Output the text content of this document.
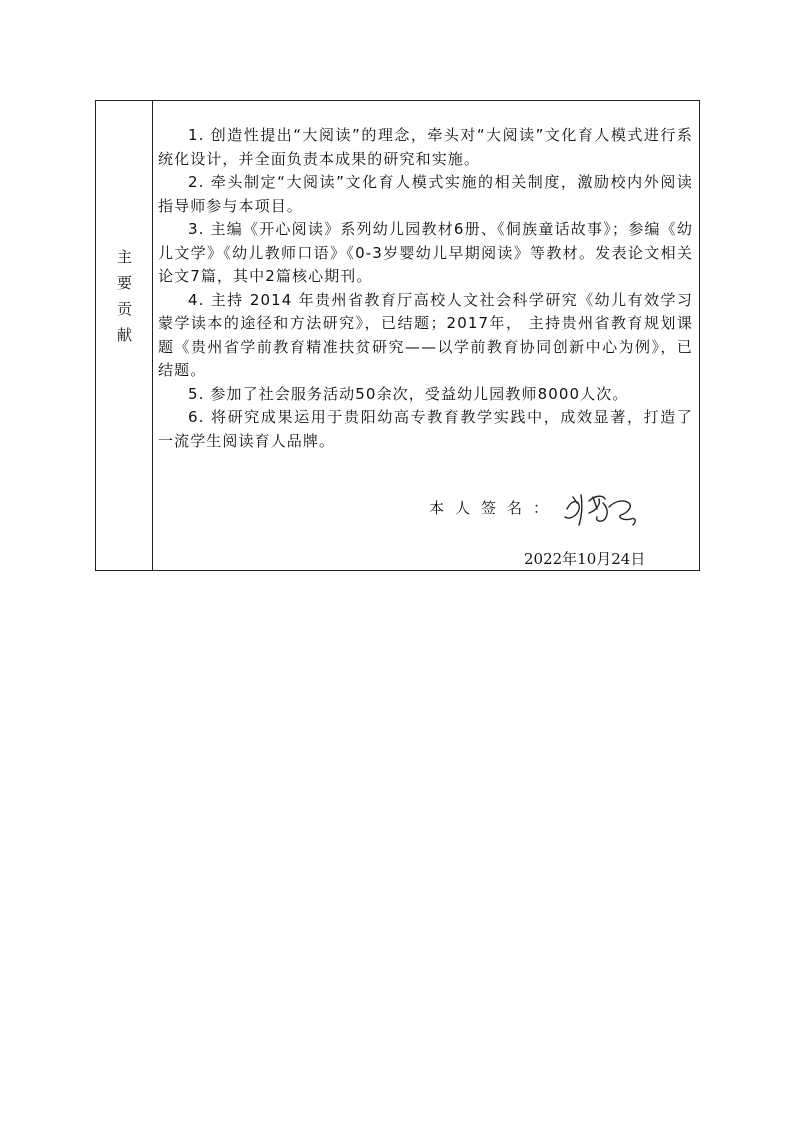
主
要
贡
献

1. 创造性提出“大阅读”的理念，牵头对“大阅读”文化育人模式进行系统化设计，并全面负责本成果的研究和实施。

2. 牵头制定“大阅读”文化育人模式实施的相关制度，激励校内外阅读指导师参与本项目。

3. 主编《开心阅读》系列幼儿园教材6册、《侗族童话故事》；参编《幼儿文学》《幼儿教师口语》《0-3岁婴幼儿早期阅读》等教材。发表论文相关论文7篇，其中2篇核心期刊。

4. 主持 2014 年贵州省教育厅高校人文社会科学研究《幼儿有效学习蒙学读本的途径和方法研究》，已结题；2017年， 主持贵州省教育规划课题《贵州省学前教育精准扶贫研究——以学前教育协同创新中心为例》，已结题。

5. 参加了社会服务活动50余次，受益幼儿园教师8000人次。

6. 将研究成果运用于贵阳幼高专教育教学实践中，成效显著，打造了一流学生阅读育人品牌。

本人签名：
2022年10月24日
